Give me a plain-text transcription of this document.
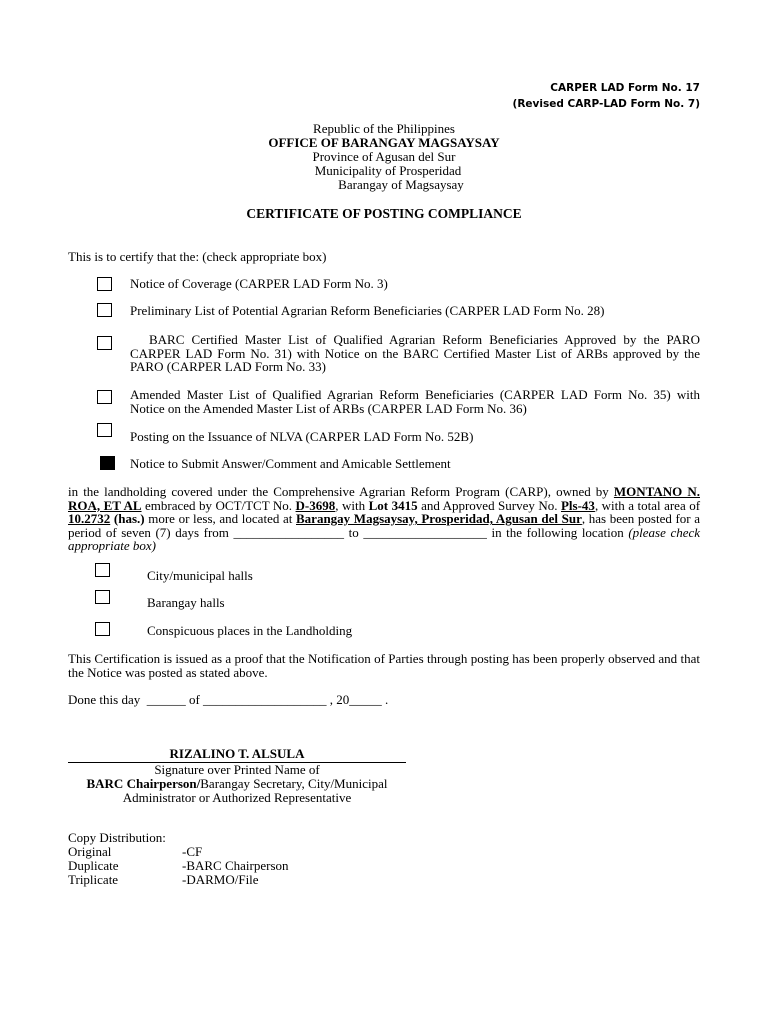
CARPER LAD Form No. 17
(Revised CARP-LAD Form No. 7)
Republic of the Philippines
OFFICE OF BARANGAY MAGSAYSAY
Province of Agusan del Sur
Municipality of Prosperidad
Barangay of Magsaysay
CERTIFICATE OF POSTING COMPLIANCE
This is to certify that the: (check appropriate box)
Notice of Coverage (CARPER LAD Form No. 3)
Preliminary List of Potential Agrarian Reform Beneficiaries (CARPER LAD Form No. 28)
BARC Certified Master List of Qualified Agrarian Reform Beneficiaries Approved by the PARO CARPER LAD Form No. 31) with Notice on the BARC Certified Master List of ARBs approved by the PARO (CARPER LAD Form No. 33)
Amended Master List of Qualified Agrarian Reform Beneficiaries (CARPER LAD Form No. 35) with Notice on the Amended Master List of ARBs (CARPER LAD Form No. 36)
Posting on the Issuance of NLVA (CARPER LAD Form No. 52B)
Notice to Submit Answer/Comment and Amicable Settlement
in the landholding covered under the Comprehensive Agrarian Reform Program (CARP), owned by MONTANO N. ROA, ET AL embraced by OCT/TCT No. D-3698, with Lot 3415 and Approved Survey No. Pls-43, with a total area of 10.2732 (has.) more or less, and located at Barangay Magsaysay, Prosperidad, Agusan del Sur, has been posted for a period of seven (7) days from _________________ to ___________________ in the following location (please check appropriate box)
City/municipal halls
Barangay halls
Conspicuous places in the Landholding
This Certification is issued as a proof that the Notification of Parties through posting has been properly observed and that the Notice was posted as stated above.
Done this day  ______ of ___________________ , 20_____ .
RIZALINO T. ALSULA
Signature over Printed Name of
BARC Chairperson/Barangay Secretary, City/Municipal
Administrator or Authorized Representative
Copy Distribution:
Original	-CF
Duplicate	-BARC Chairperson
Triplicate	-DARMO/File
